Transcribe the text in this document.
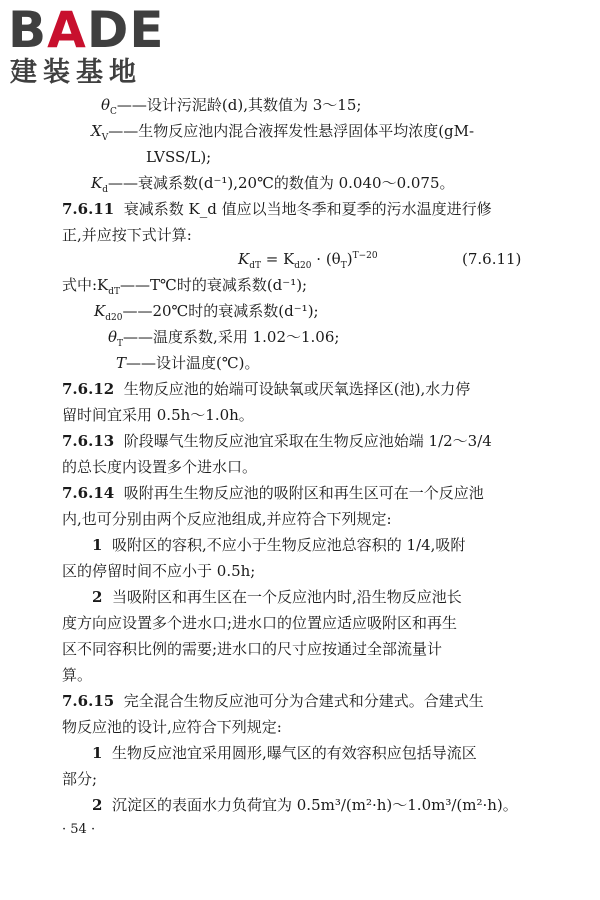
BADE
建装基地
$\theta_C——$设计污泥龄(d),其数值为 3～15;
$X_V——$生物反应池内混合液挥发性悬浮固体平均浓度(gM-
LVSS/L);
$K_d——$衰减系数(d⁻¹),20℃的数值为 0.040～0.075。
7.6.11 衰减系数 K_d 值应以当地冬季和夏季的污水温度进行修
正,并应按下式计算:
$K_{dT} = K_{d20} \cdot (\theta_T)^{T-20}$	(7.6.11)
式中$:K_{dT}——T℃$时的衰减系数(d⁻¹);
$K_{d20}——20℃$时的衰减系数(d⁻¹);
$\theta_T——$温度系数,采用 1.02～1.06;
T——设计温度(℃)。
7.6.12 生物反应池的始端可设缺氧或厌氧选择区(池),水力停
留时间宜采用 0.5h～1.0h。
7.6.13 阶段曝气生物反应池宜采取在生物反应池始端 1/2～3/4
的总长度内设置多个进水口。
7.6.14 吸附再生生物反应池的吸附区和再生区可在一个反应池
内,也可分别由两个反应池组成,并应符合下列规定:
1 吸附区的容积,不应小于生物反应池总容积的 1/4,吸附
区的停留时间不应小于 0.5h;
2 当吸附区和再生区在一个反应池内时,沿生物反应池长
度方向应设置多个进水口;进水口的位置应适应吸附区和再生
区不同容积比例的需要;进水口的尺寸应按通过全部流量计
算。
7.6.15 完全混合生物反应池可分为合建式和分建式。合建式生
物反应池的设计,应符合下列规定:
1 生物反应池宜采用圆形,曝气区的有效容积应包括导流区
部分;
2 沉淀区的表面水力负荷宜为 0.5m³/(m²·h)～1.0m³/(m²·h)。
· 54 ·
